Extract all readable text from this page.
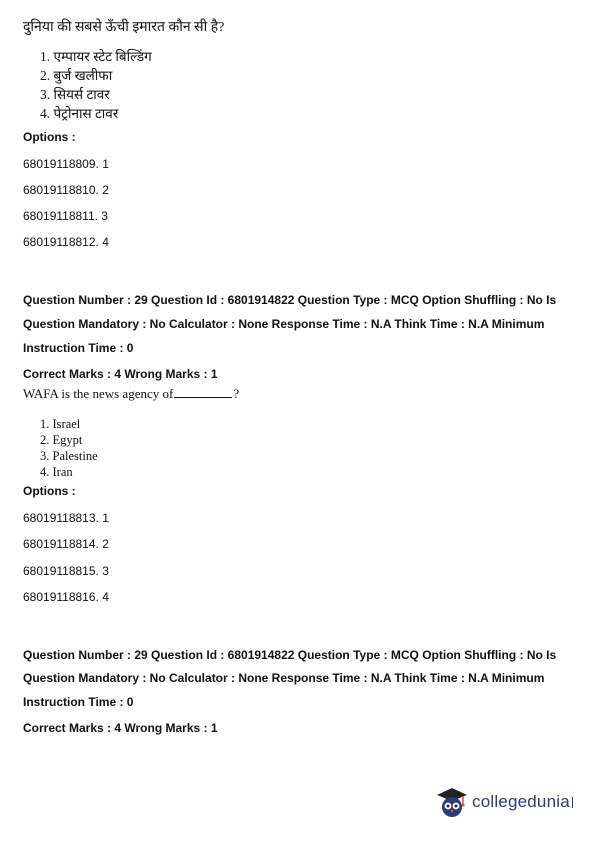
दुनिया की सबसे ऊँची इमारत कौन सी है?
1. एम्पायर स्टेट बिल्डिंग
2. बुर्ज खलीफा
3. सियर्स टावर
4. पेट्रोनास टावर
Options :
68019118809. 1
68019118810. 2
68019118811. 3
68019118812. 4
Question Number : 29 Question Id : 6801914822 Question Type : MCQ Option Shuffling : No Is
Question Mandatory : No Calculator : None Response Time : N.A Think Time : N.A Minimum
Instruction Time : 0
Correct Marks : 4 Wrong Marks : 1
WAFA is the news agency of	?
1. Israel
2. Egypt
3. Palestine
4. Iran
Options :
68019118813. 1
68019118814. 2
68019118815. 3
68019118816. 4
Question Number : 29 Question Id : 6801914822 Question Type : MCQ Option Shuffling : No Is
Question Mandatory : No Calculator : None Response Time : N.A Think Time : N.A Minimum
Instruction Time : 0
Correct Marks : 4 Wrong Marks : 1
collegedunia
